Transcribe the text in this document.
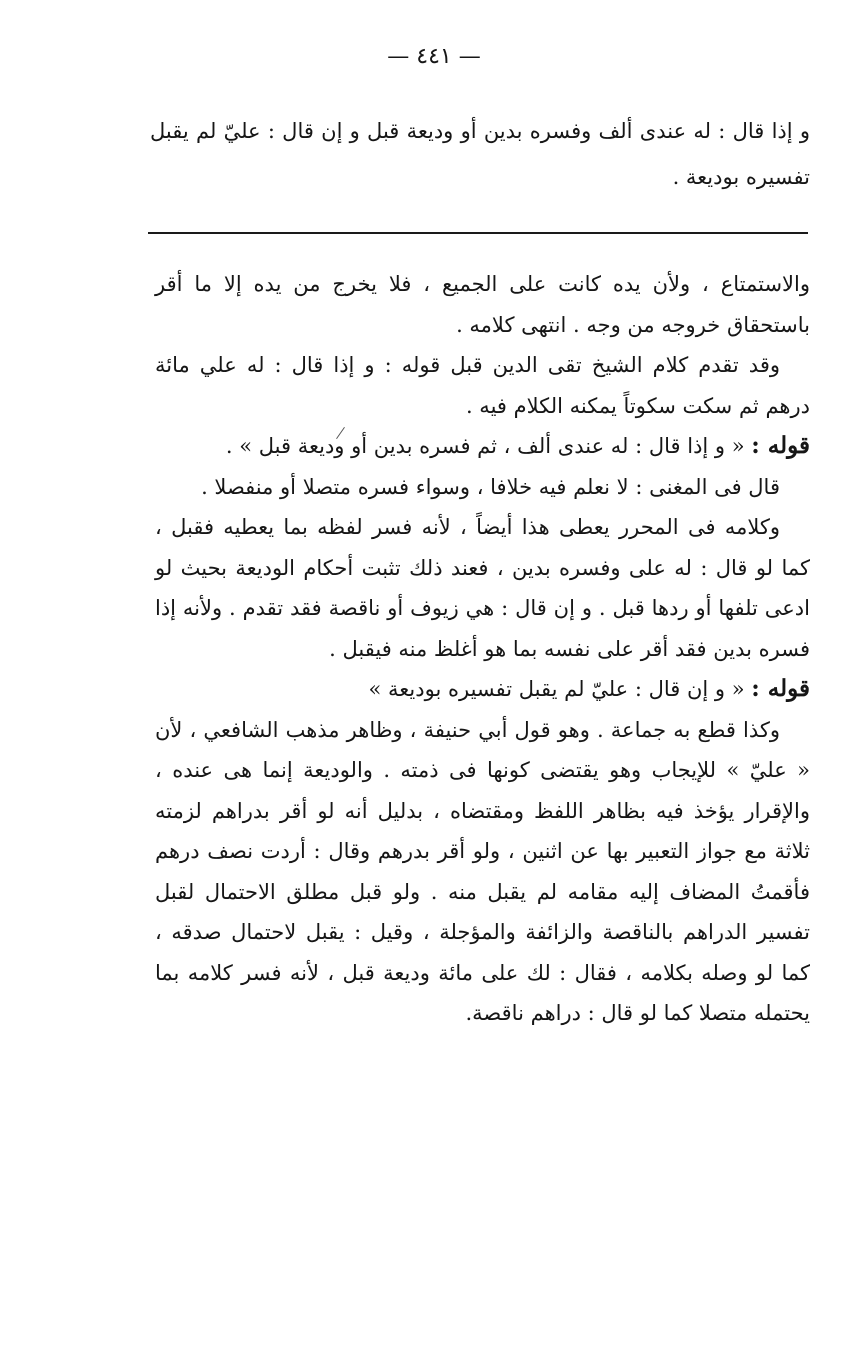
— ٤٤١ —
و إذا قال : له عندى ألف وفسره بدين أو وديعة قبل و إن قال : عليّ لم يقبل تفسيره بوديعة .

والاستمتاع ، ولأن يده كانت على الجميع ، فلا يخرج من يده إلا ما أقر باستحقاق خروجه من وجه . انتهى كلامه .

وقد تقدم كلام الشيخ تقى الدين قبل قوله : و إذا قال : له علي مائة درهم ثم سكت سكوتاً يمكنه الكلام فيه .

قوله : « و إذا قال : له عندى ألف ، ثم فسره بدين أو وديعة قبل » .

قال فى المغنى : لا نعلم فيه خلافا ، وسواء فسره متصلا أو منفصلا .

وكلامه فى المحرر يعطى هذا أيضاً ، لأنه فسر لفظه بما يعطيه فقبل ، كما لو قال : له على وفسره بدين ، فعند ذلك تثبت أحكام الوديعة بحيث لو ادعى تلفها أو ردها قبل . و إن قال : هي زيوف أو ناقصة فقد تقدم . ولأنه إذا فسره بدين فقد أقر على نفسه بما هو أغلظ منه فيقبل .

قوله : « و إن قال : عليّ لم يقبل تفسيره بوديعة »

وكذا قطع به جماعة . وهو قول أبي حنيفة ، وظاهر مذهب الشافعي ، لأن « عليّ » للإيجاب وهو يقتضى كونها فى ذمته . والوديعة إنما هى عنده ، والإقرار يؤخذ فيه بظاهر اللفظ ومقتضاه ، بدليل أنه لو أقر بدراهم لزمته ثلاثة مع جواز التعبير بها عن اثنين ، ولو أقر بدرهم وقال : أردت نصف درهم فأقمتُ المضاف إليه مقامه لم يقبل منه . ولو قبل مطلق الاحتمال لقبل تفسير الدراهم بالناقصة والزائفة والمؤجلة ، وقيل : يقبل لاحتمال صدقه ، كما لو وصله بكلامه ، فقال : لك على مائة وديعة قبل ، لأنه فسر كلامه بما يحتمله متصلا كما لو قال : دراهم ناقصة.
